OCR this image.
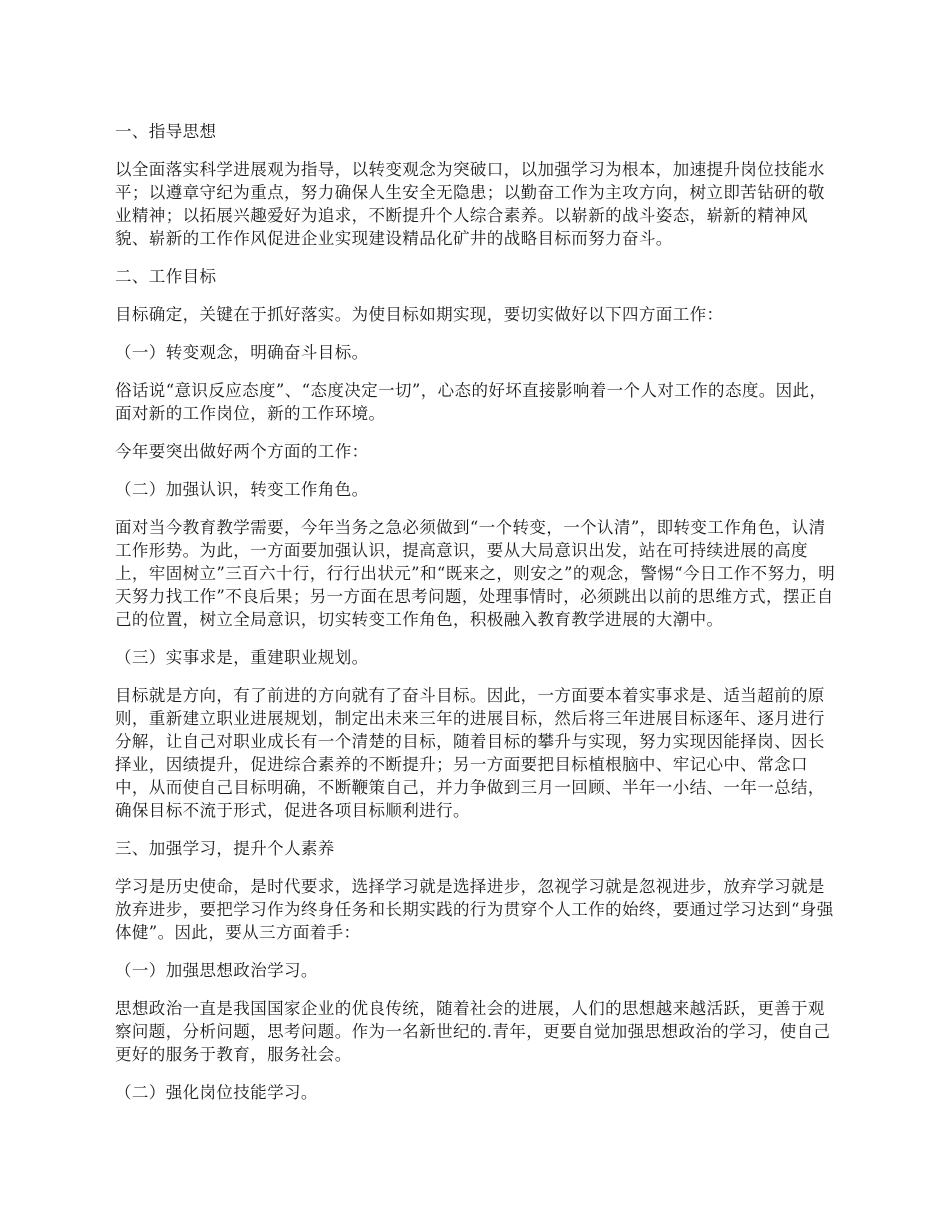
一、指导思想

以全面落实科学进展观为指导，以转变观念为突破口，以加强学习为根本，加速提升岗位技能水平；以遵章守纪为重点，努力确保人生安全无隐患；以勤奋工作为主攻方向，树立即苦钻研的敬业精神；以拓展兴趣爱好为追求，不断提升个人综合素养。以崭新的战斗姿态，崭新的精神风貌、崭新的工作作风促进企业实现建设精品化矿井的战略目标而努力奋斗。

二、工作目标

目标确定，关键在于抓好落实。为使目标如期实现，要切实做好以下四方面工作：

（一）转变观念，明确奋斗目标。

俗话说“意识反应态度”、“态度决定一切”，心态的好坏直接影响着一个人对工作的态度。因此，面对新的工作岗位，新的工作环境。

今年要突出做好两个方面的工作：

（二）加强认识，转变工作角色。

面对当今教育教学需要，今年当务之急必须做到“一个转变，一个认清”，即转变工作角色，认清工作形势。为此，一方面要加强认识，提高意识，要从大局意识出发，站在可持续进展的高度上，牢固树立”三百六十行，行行出状元”和“既来之，则安之”的观念，警惕“今日工作不努力，明天努力找工作”不良后果；另一方面在思考问题，处理事情时，必须跳出以前的思维方式，摆正自己的位置，树立全局意识，切实转变工作角色，积极融入教育教学进展的大潮中。

（三）实事求是，重建职业规划。

目标就是方向，有了前进的方向就有了奋斗目标。因此，一方面要本着实事求是、适当超前的原则，重新建立职业进展规划，制定出未来三年的进展目标，然后将三年进展目标逐年、逐月进行分解，让自己对职业成长有一个清楚的目标，随着目标的攀升与实现，努力实现因能择岗、因长择业，因绩提升，促进综合素养的不断提升；另一方面要把目标植根脑中、牢记心中、常念口中，从而使自己目标明确，不断鞭策自己，并力争做到三月一回顾、半年一小结、一年一总结，确保目标不流于形式，促进各项目标顺利进行。

三、加强学习，提升个人素养

学习是历史使命，是时代要求，选择学习就是选择进步，忽视学习就是忽视进步，放弃学习就是放弃进步，要把学习作为终身任务和长期实践的行为贯穿个人工作的始终，要通过学习达到“身强体健”。因此，要从三方面着手：

（一）加强思想政治学习。

思想政治一直是我国国家企业的优良传统，随着社会的进展，人们的思想越来越活跃，更善于观察问题，分析问题，思考问题。作为一名新世纪的.青年，更要自觉加强思想政治的学习，使自己更好的服务于教育，服务社会。

（二）强化岗位技能学习。
